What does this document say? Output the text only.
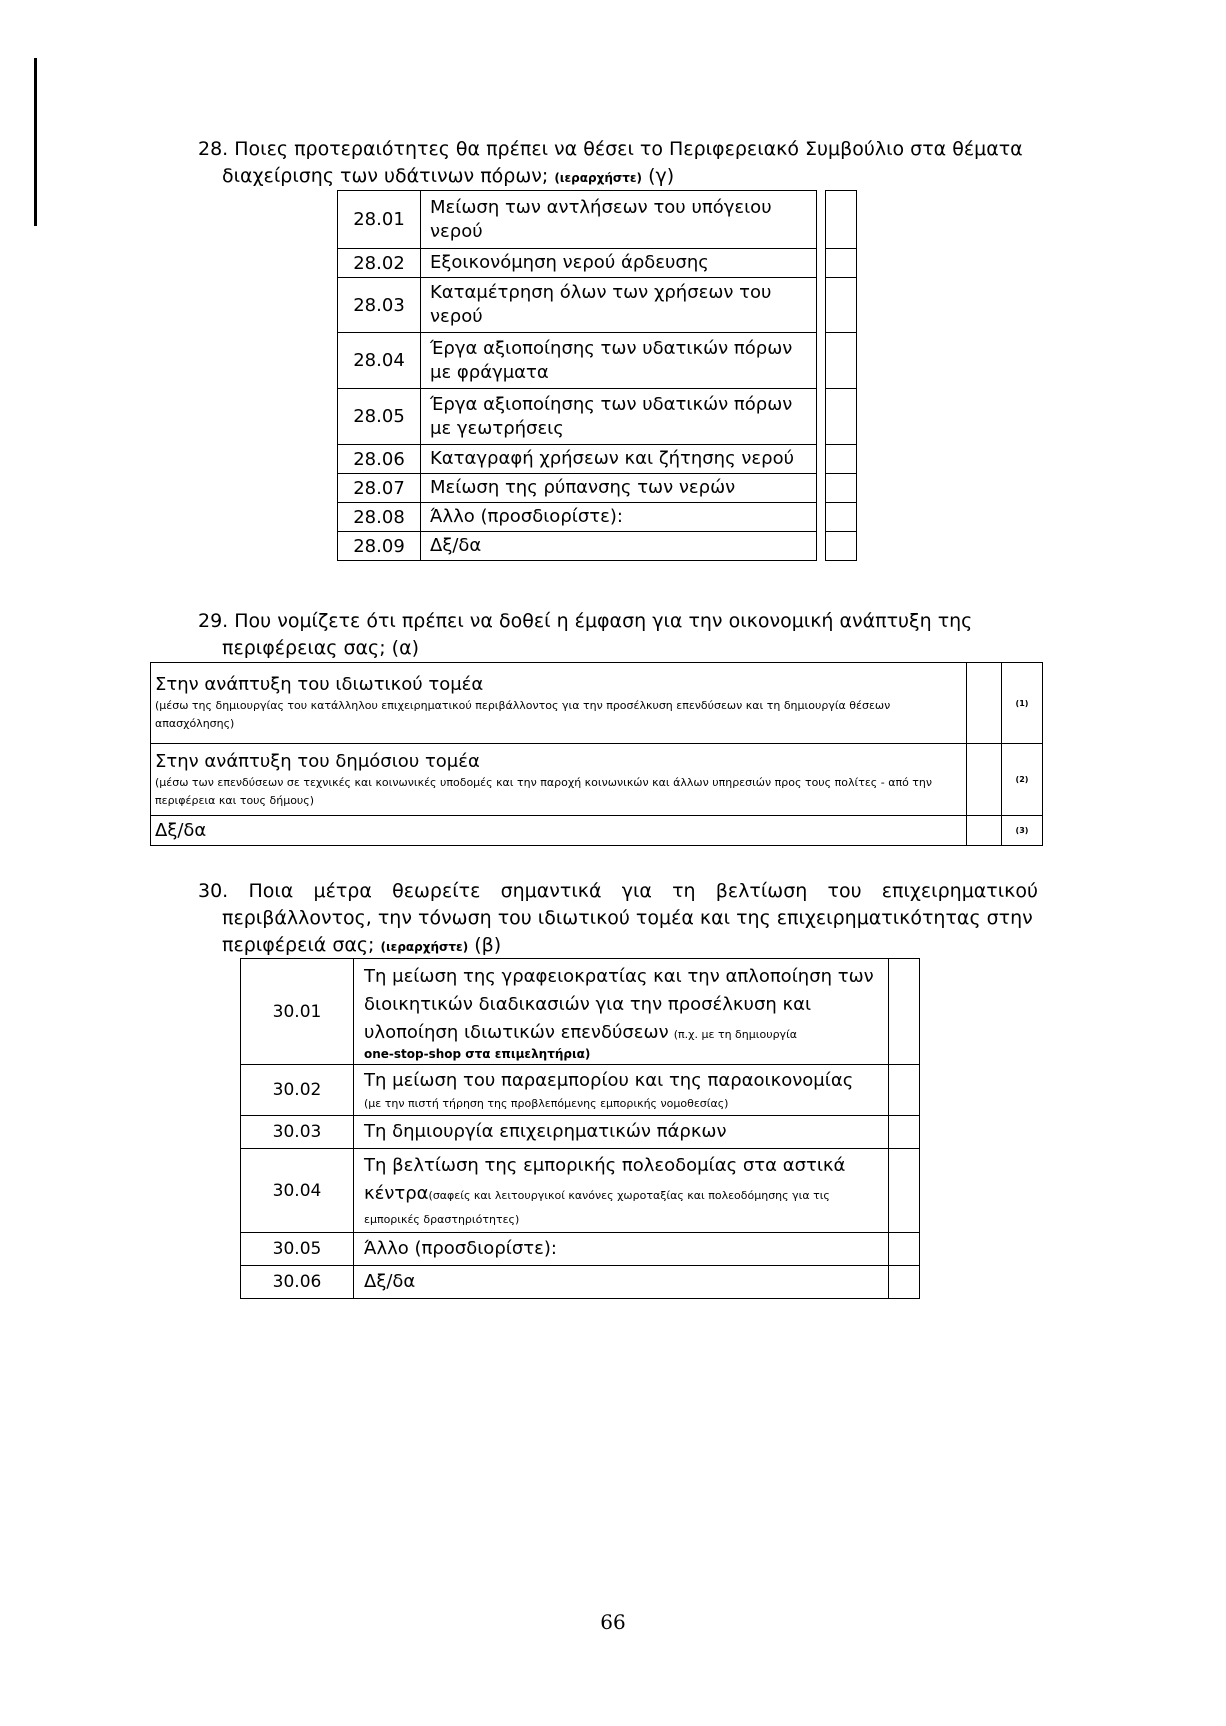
28. Ποιες προτεραιότητες θα πρέπει να θέσει το Περιφερειακό Συμβούλιο στα θέματα
διαχείρισης των υδάτινων πόρων; (ιεραρχήστε) (γ)
28.01	Μείωση των αντλήσεων του υπόγειου νερού		
28.02	Εξοικονόμηση νερού άρδευσης		
28.03	Καταμέτρηση όλων των χρήσεων του νερού		
28.04	Έργα αξιοποίησης των υδατικών πόρων με φράγματα		
28.05	Έργα αξιοποίησης των υδατικών πόρων με γεωτρήσεις		
28.06	Καταγραφή χρήσεων και ζήτησης νερού		
28.07	Μείωση της ρύπανσης των νερών		
28.08	Άλλο (προσδιορίστε):		
28.09	Δξ/δα		
29. Που νομίζετε ότι πρέπει να δοθεί η έμφαση για την οικονομική ανάπτυξη της
περιφέρειας σας; (α)
Στην ανάπτυξη του ιδιωτικού τομέα
(μέσω της δημιουργίας του κατάλληλου επιχειρηματικού περιβάλλοντος για την προσέλκυση επενδύσεων και τη δημιουργία θέσεων απασχόλησης)		(1)

Στην ανάπτυξη του δημόσιου τομέα
(μέσω των επενδύσεων σε τεχνικές και κοινωνικές υποδομές και την παροχή κοινωνικών και άλλων υπηρεσιών προς τους πολίτες - από την περιφέρεια και τους δήμους)		(2)

Δξ/δα		(3)
30. Ποια μέτρα θεωρείτε σημαντικά για τη βελτίωση του επιχειρηματικού
περιβάλλοντος, την τόνωση του ιδιωτικού τομέα και της επιχειρηματικότητας στην
περιφέρειά σας; (ιεραρχήστε) (β)
30.01	Τη μείωση της γραφειοκρατίας και την απλοποίηση των διοικητικών διαδικασιών για την προσέλκυση και υλοποίηση ιδιωτικών επενδύσεων (π.χ. με τη δημιουργία
one-stop-shop στα επιμελητήρια)	

30.02	Τη μείωση του παραεμπορίου και της παραοικονομίας
(με την πιστή τήρηση της προβλεπόμενης εμπορικής νομοθεσίας)	

30.03	Τη δημιουργία επιχειρηματικών πάρκων	

30.04	Τη βελτίωση της εμπορικής πολεοδομίας στα αστικά κέντρα(σαφείς και λειτουργικοί κανόνες χωροταξίας και πολεοδόμησης για τις εμπορικές δραστηριότητες)	
30.05	Άλλο (προσδιορίστε):	

30.06	Δξ/δα	

66
